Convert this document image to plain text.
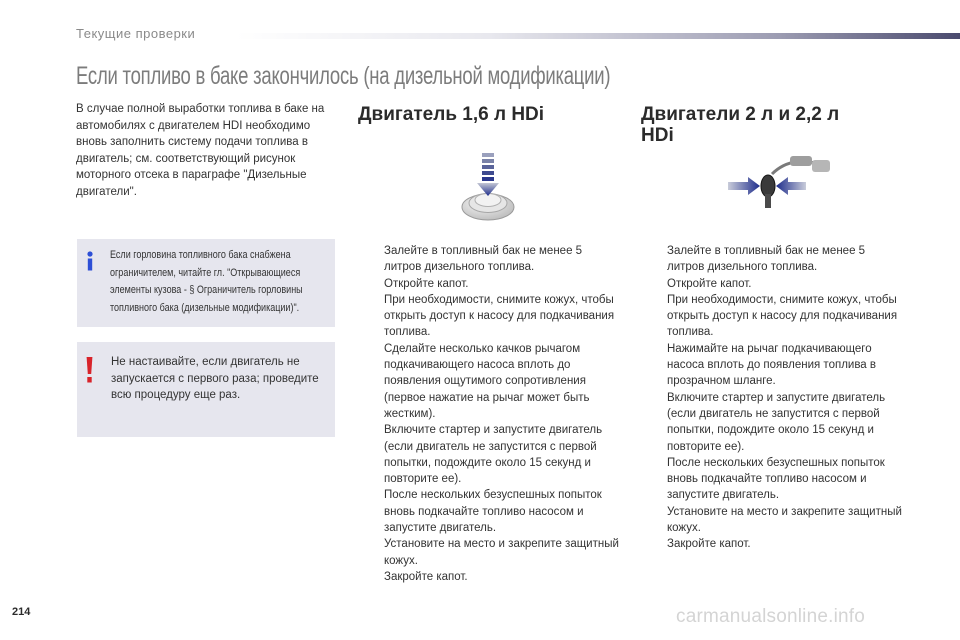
Текущие проверки
Если топливо в баке закончилось (на дизельной модификации)
В случае полной выработки топлива в баке на автомобилях с двигателем HDI необходимо вновь заполнить систему подачи топлива в двигатель; см. соответствующий рисунок моторного отсека в параграфе "Дизельные двигатели".
Если горловина топливного бака снабжена ограничителем, читайте гл. "Открывающиеся элементы кузова - § Ограничитель горловины топливного бака (дизельные модификации)".
Не настаивайте, если двигатель не запускается с первого раза; проведите всю процедуру еще раз.
Двигатель 1,6 л HDi	Двигатели 2 л и 2,2 л HDi
Залейте в топливный бак не менее 5 литров дизельного топлива.
Откройте капот.
При необходимости, снимите кожух, чтобы открыть доступ к насосу для подкачивания топлива.
Сделайте несколько качков рычагом подкачивающего насоса вплоть до появления ощутимого сопротивления (первое нажатие на рычаг может быть жестким).
Включите стартер и запустите двигатель (если двигатель не запустится с первой попытки, подождите около 15 секунд и повторите ее).
После нескольких безуспешных попыток вновь подкачайте топливо насосом и запустите двигатель.
Установите на место и закрепите защитный кожух.
Закройте капот.
Залейте в топливный бак не менее 5 литров дизельного топлива.
Откройте капот.
При необходимости, снимите кожух, чтобы открыть доступ к насосу для подкачивания топлива.
Нажимайте на рычаг подкачивающего насоса вплоть до появления топлива в прозрачном шланге.
Включите стартер и запустите двигатель (если двигатель не запустится с первой попытки, подождите около 15 секунд и повторите ее).
После нескольких безуспешных попыток вновь подкачайте топливо насосом и запустите двигатель.
Установите на место и закрепите защитный кожух.
Закройте капот.
214	carmanualsonline.info
